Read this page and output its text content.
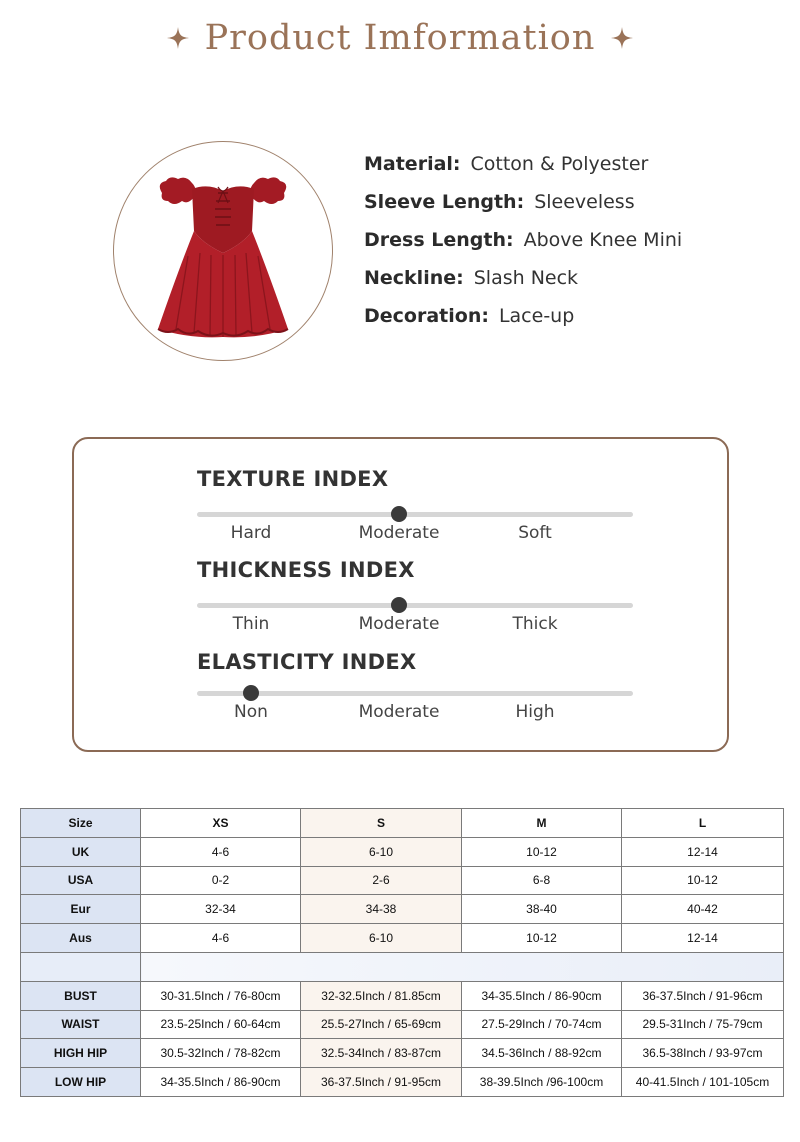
Product Imformation
Material: Cotton & Polyester
Sleeve Length: Sleeveless
Dress Length: Above Knee Mini
Neckline: Slash Neck
Decoration: Lace-up
TEXTURE INDEX
Hard	Moderate	Soft
THICKNESS INDEX
Thin	Moderate	Thick
ELASTICITY INDEX
Non	Moderate	High
Size	XS	S	M	L
UK	4-6	6-10	10-12	12-14
USA	0-2	2-6	6-8	10-12
Eur	32-34	34-38	38-40	40-42
Aus	4-6	6-10	10-12	12-14

BUST	30-31.5Inch / 76-80cm	32-32.5Inch / 81.85cm	34-35.5Inch / 86-90cm	36-37.5Inch / 91-96cm
WAIST	23.5-25Inch / 60-64cm	25.5-27Inch / 65-69cm	27.5-29Inch / 70-74cm	29.5-31Inch / 75-79cm
HIGH HIP	30.5-32Inch / 78-82cm	32.5-34Inch / 83-87cm	34.5-36Inch / 88-92cm	36.5-38Inch / 93-97cm
LOW HIP	34-35.5Inch / 86-90cm	36-37.5Inch / 91-95cm	38-39.5Inch /96-100cm	40-41.5Inch / 101-105cm
